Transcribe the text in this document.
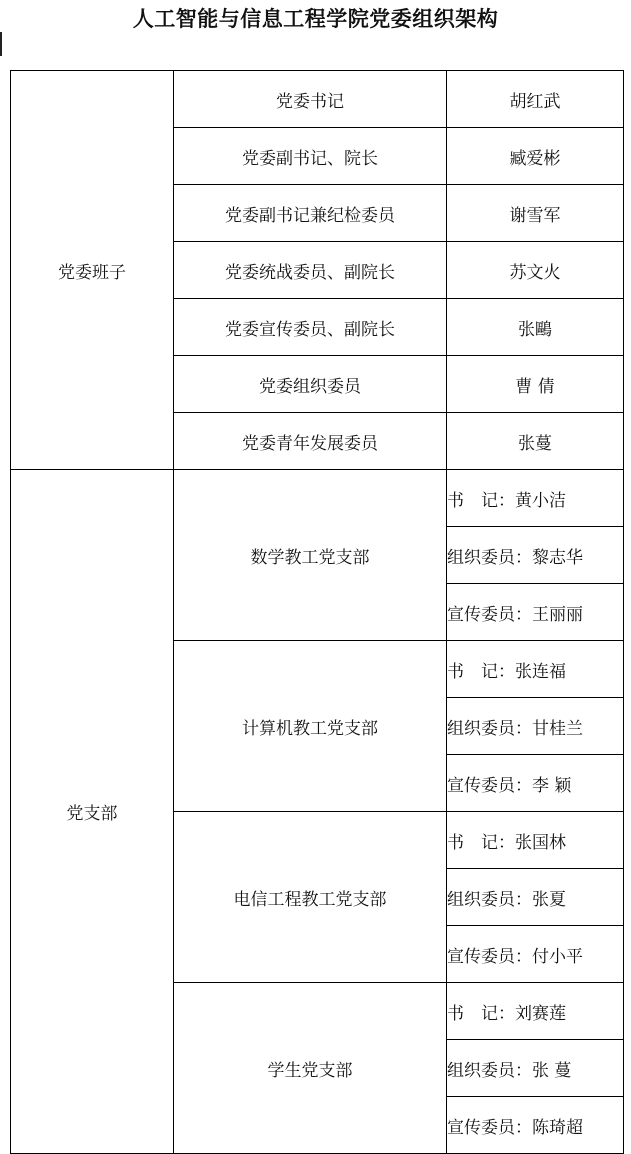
人工智能与信息工程学院党委组织架构
党委班子	党委书记	胡红武
	党委副书记、院长	臧爱彬
	党委副书记兼纪检委员	谢雪军
	党委统战委员、副院长	苏文火
	党委宣传委员、副院长	张鷗
	党委组织委员	曹 倩
	党委青年发展委员	张蔓
党支部	数学教工党支部	书　记：黄小洁
		组织委员：黎志华
		宣传委员：王丽丽
	计算机教工党支部	书　记：张连福
		组织委员：甘桂兰
		宣传委员：李 颖
	电信工程教工党支部	书　记：张国林
		组织委员：张夏
		宣传委员：付小平
	学生党支部	书　记：刘赛莲
		组织委员：张 蔓
		宣传委员：陈琦超
